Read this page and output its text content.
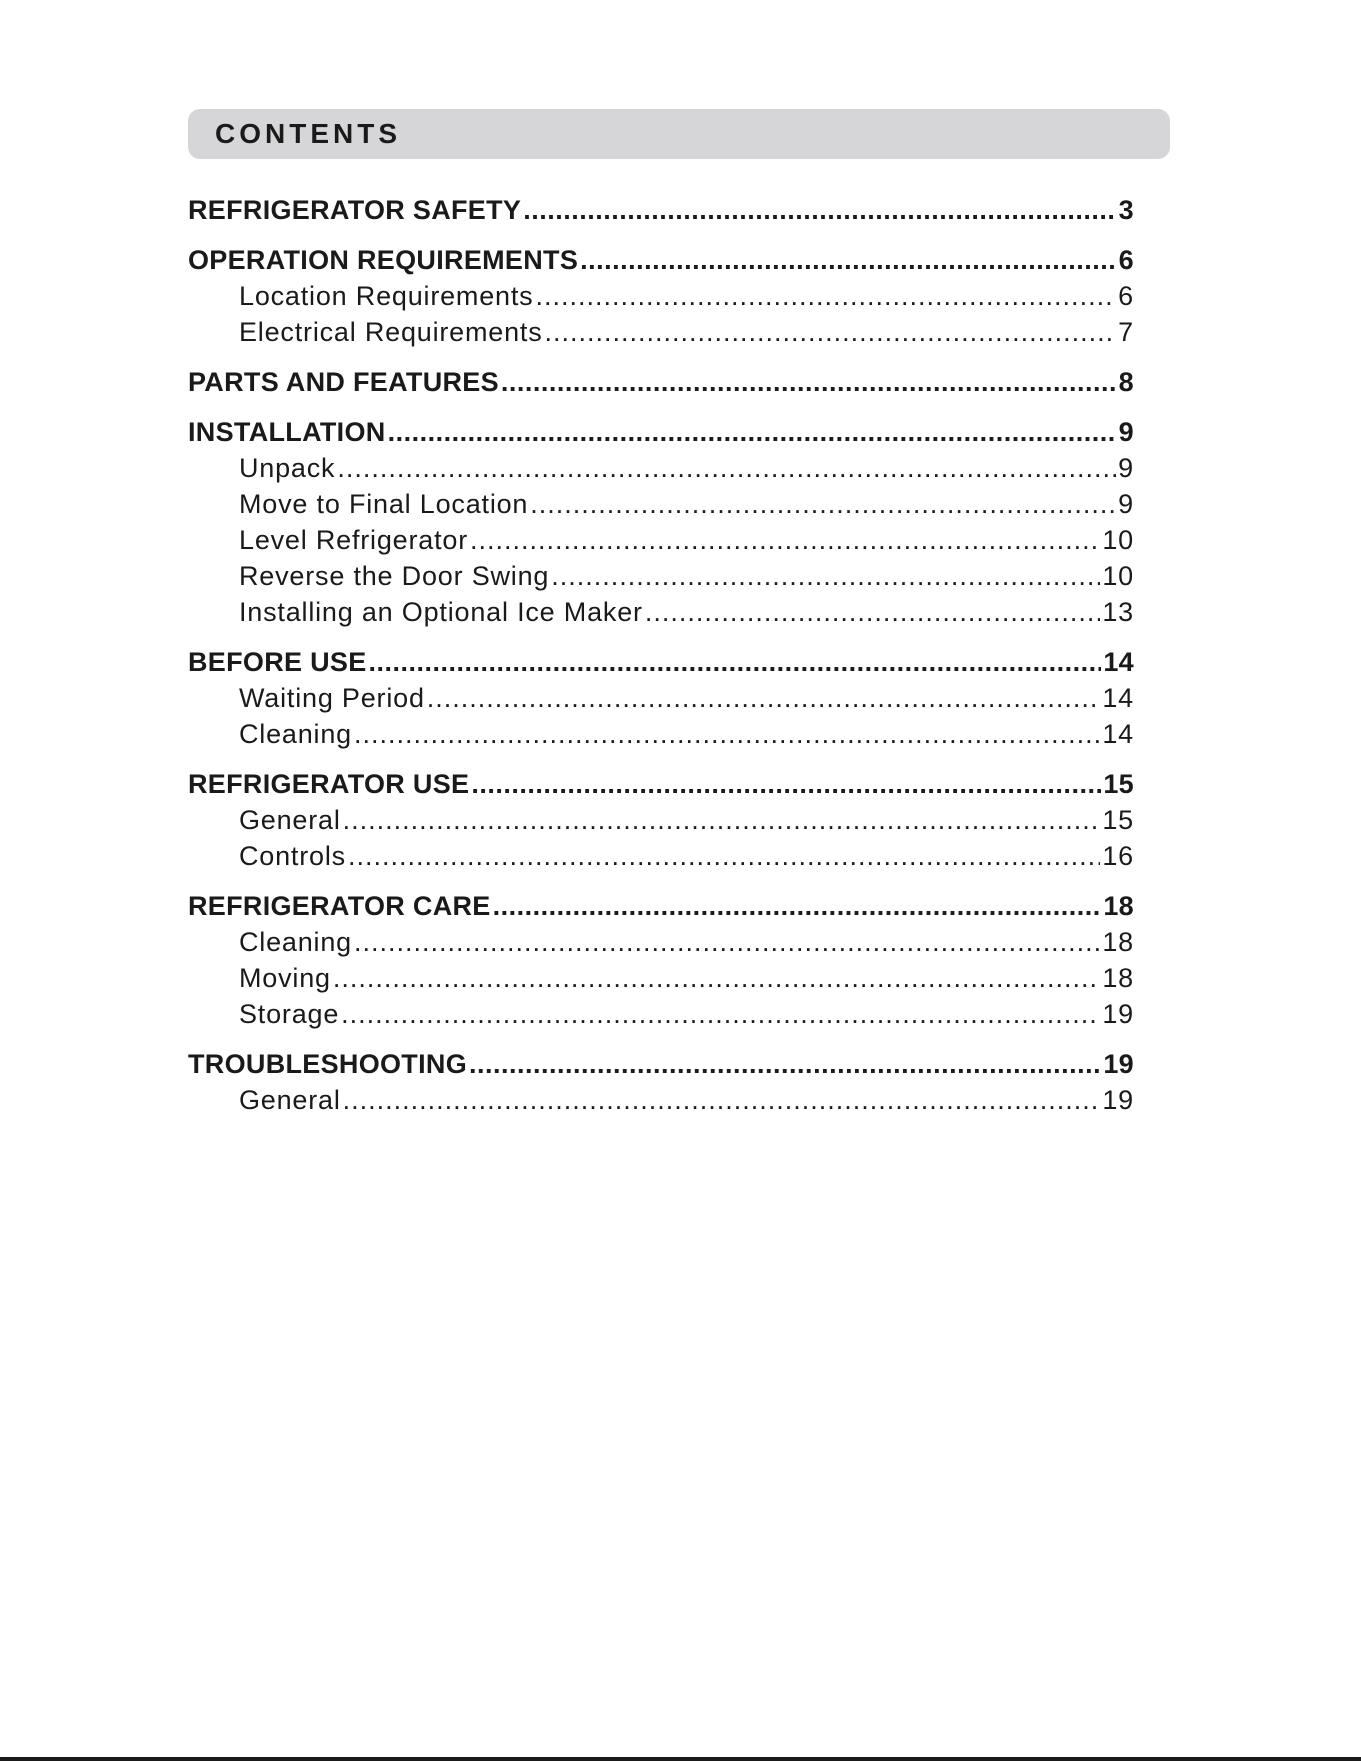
CONTENTS
REFRIGERATOR SAFETY .....	3
OPERATION REQUIREMENTS .....	6
Location Requirements .....	6
Electrical Requirements .....	7
PARTS AND FEATURES .....	8
INSTALLATION .....	9
Unpack .....	9
Move to Final Location .....	9
Level Refrigerator .....	10
Reverse the Door Swing .....	10
Installing an Optional Ice Maker .....	13
BEFORE USE .....	14
Waiting Period .....	14
Cleaning .....	14
REFRIGERATOR USE .....	15
General .....	15
Controls .....	16
REFRIGERATOR CARE .....	18
Cleaning .....	18
Moving .....	18
Storage .....	19
TROUBLESHOOTING .....	19
General .....	19
